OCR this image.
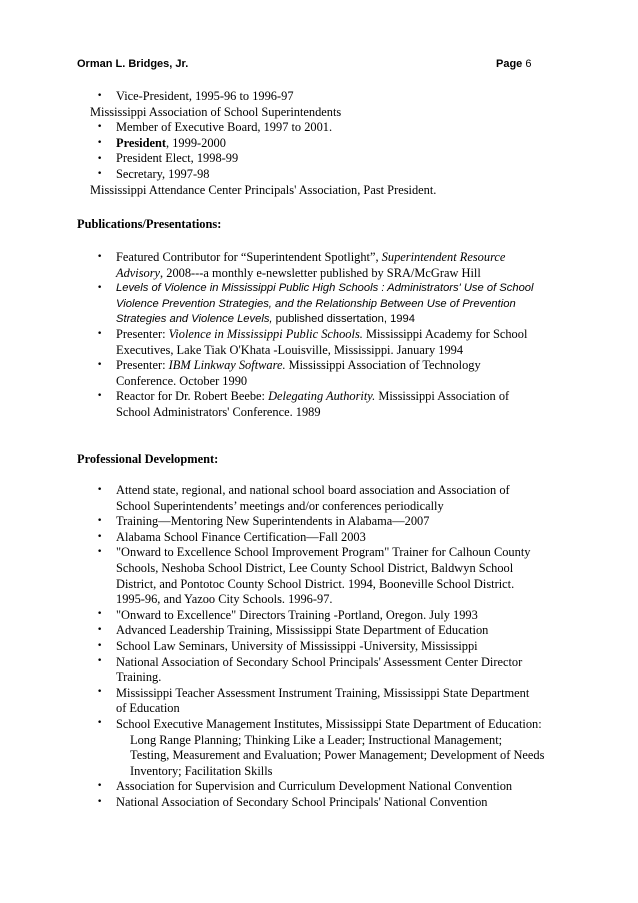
Orman L. Bridges, Jr.	Page 6
•
•
•
•
•
Vice-President, 1995-96 to 1996-97
Mississippi Association of School Superintendents
Member of Executive Board, 1997 to 2001.
President, 1999-2000
President Elect, 1998-99
Secretary, 1997-98
Mississippi Attendance Center Principals' Association, Past President.
Publications/Presentations:
•
•
•
•
•
Featured Contributor for “Superintendent Spotlight”, Superintendent Resource
Advisory, 2008---a monthly e-newsletter published by SRA/McGraw Hill
Levels of Violence in Mississippi Public High Schools : Administrators' Use of School
Violence Prevention Strategies, and the Relationship Between Use of Prevention
Strategies and Violence Levels, published dissertation, 1994
Presenter: Violence in Mississippi Public Schools. Mississippi Academy for School
Executives, Lake Tiak O'Khata -Louisville, Mississippi. January 1994
Presenter: IBM Linkway Software. Mississippi Association of Technology
Conference. October 1990
Reactor for Dr. Robert Beebe: Delegating Authority. Mississippi Association of
School Administrators' Conference. 1989
Professional Development:
•
•
•
•
•
•
•
•
•
•
•
•
Attend state, regional, and national school board association and Association of
School Superintendents’ meetings and/or conferences periodically
Training—Mentoring New Superintendents in Alabama—2007
Alabama School Finance Certification—Fall 2003
"Onward to Excellence School Improvement Program" Trainer for Calhoun County
Schools, Neshoba School District, Lee County School District, Baldwyn School
District, and Pontotoc County School District. 1994, Booneville School District.
1995-96, and Yazoo City Schools. 1996-97.
"Onward to Excellence" Directors Training -Portland, Oregon. July 1993
Advanced Leadership Training, Mississippi State Department of Education
School Law Seminars, University of Mississippi -University, Mississippi
National Association of Secondary School Principals' Assessment Center Director
Training.
Mississippi Teacher Assessment Instrument Training, Mississippi State Department
of Education
School Executive Management Institutes, Mississippi State Department of Education:
Long Range Planning; Thinking Like a Leader; Instructional Management;
Testing, Measurement and Evaluation; Power Management; Development of Needs
Inventory; Facilitation Skills
Association for Supervision and Curriculum Development National Convention
National Association of Secondary School Principals' National Convention
